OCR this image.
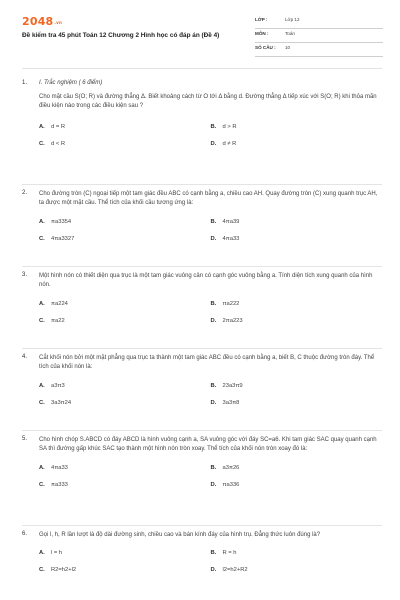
$2048^{.vn}$
Đề kiểm tra 45 phút Toán 12 Chương 2 Hình học có đáp án (Đề 4)
LỚP :	Lớp 12
MÔN :	Toán
SỐ CÂU : 10
1. I. Trắc nghiệm ( 6 điểm)
Cho mặt cầu S(O; R) và đường thẳng Δ. Biết khoảng cách từ O tới Δ bằng d. Đường thẳng Δ tiếp xúc với S(O; R) khi thỏa mãn điều kiện nào trong các điều kiện sau ?
A.	d = R	B.	d > R
C.	d < R	D.	d ≠ R
2. Cho đường tròn (C) ngoại tiếp một tam giác đều ABC có cạnh bằng a, chiều cao AH. Quay đường tròn (C) xung quanh trục AH, ta được một mặt cầu. Thể tích của khối cầu tương ứng là:
A.	πa3354	B.	4πa39
C.	4πa3327	D.	4πa33
3. Một hình nón có thiết diện qua trục là một tam giác vuông cân có cạnh góc vuông bằng a. Tính diện tích xung quanh của hình nón.
A.	πa224	B.	πa222
C.	πa22	D.	2πa223
4. Cắt khối nón bởi một mặt phẳng qua trục ta thành một tam giác ABC đều có cạnh bằng a, biết B, C thuộc đường tròn đáy. Thể tích của khối nón là:
A.	a3π3	B.	23a3π9
C.	3a3π24	D.	3a3π8
5. Cho hình chóp S.ABCD có đáy ABCD là hình vuông cạnh a, SA vuông góc với đáy SC=a6. Khi tam giác SAC quay quanh cạnh SA thì đường gấp khúc SAC tạo thành một hình nón tròn xoay. Thể tích của khối nón tròn xoay đó là:
A.	4πa33	B.	a3π26
C.	πa333	D.	πa336
6. Gọi l, h, R lần lượt là độ dài đường sinh, chiều cao và bán kính đáy của hình trụ. Đẳng thức luôn đúng là?
A.	l = h	B.	R = h
C.	R2=h2+l2	D.	l2=h2+R2
